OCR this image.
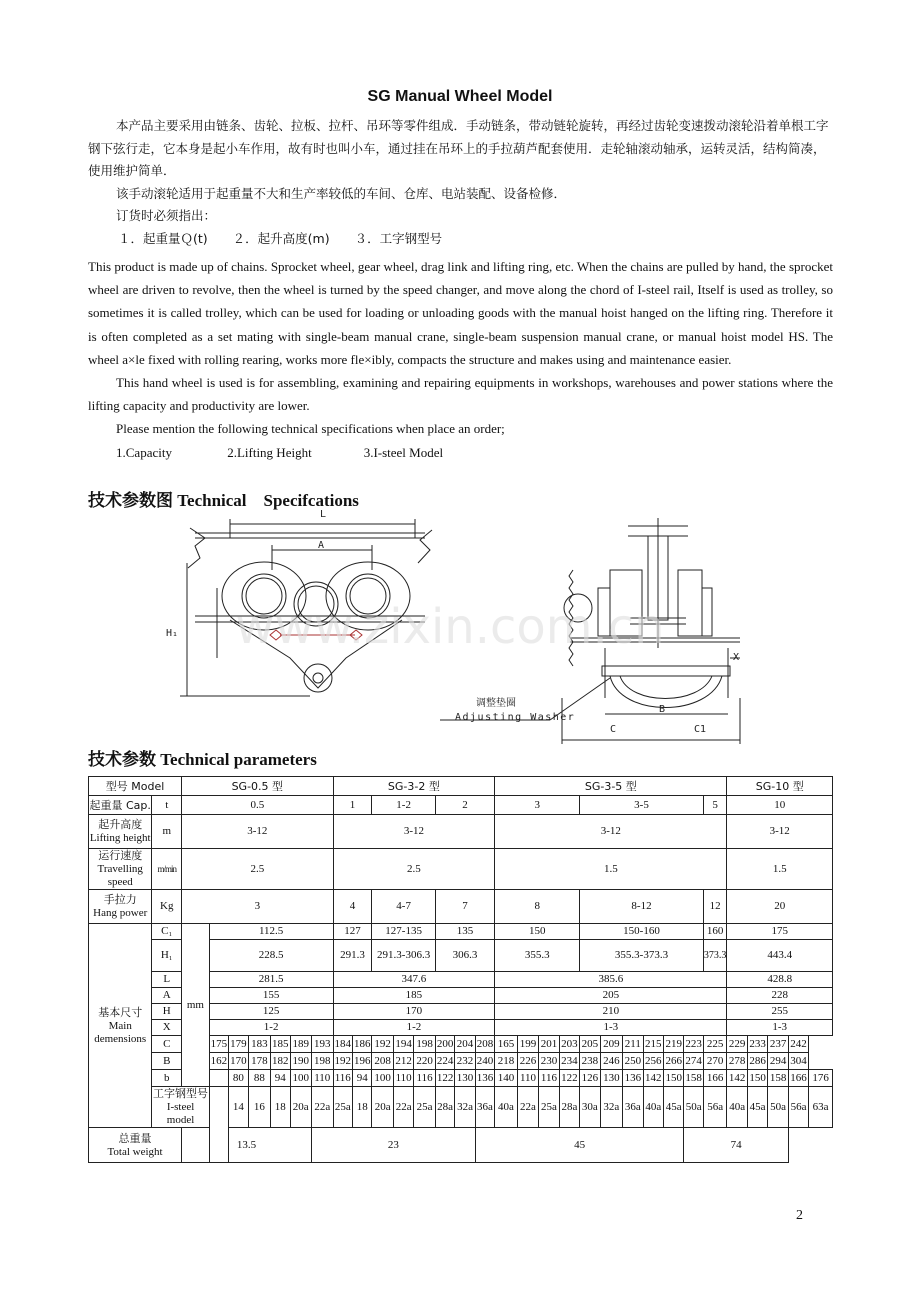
SG Manual Wheel Model

本产品主要采用由链条、齿轮、拉板、拉杆、吊环等零件组成．手动链条，带动链轮旋转，再经过齿轮变速拨动滚轮沿着单根工字钢下弦行走，它本身是起小车作用，故有时也叫小车，通过挂在吊环上的手拉葫芦配套使用．走轮轴滚动轴承，运转灵活，结构简凑，使用维护简单．

该手动滚轮适用于起重量不大和生产率较低的车间、仓库、电站装配、设备检修．

订货时必须指出：

１．起重量Ｑ(t)　　２．起升高度(m)　　３．工字钢型号

This product is made up of chains. Sprocket wheel, gear wheel, drag link and lifting ring, etc. When the chains are pulled by hand, the sprocket wheel are driven to revolve, then the wheel is turned by the speed changer, and move along the chord of I-steel rail, Itself is used as trolley, so sometimes it is called trolley, which can be used for loading or unloading goods with the manual hoist hanged on the lifting ring. Therefore it is often completed as a set mating with single-beam manual crane, single-beam suspension manual crane, or manual hoist model HS. The wheel a×le fixed with rolling rearing, works more fle×ibly, compacts the structure and makes using and maintenance easier.

This hand wheel is used is for assembling, examining and repairing equipments in workshops, warehouses and power stations where the lifting capacity and productivity are lower.

Please mention the following technical specifications when place an order;

1.Capacity　　　　 2.Lifting Height　　　　3.I-steel Model

技术参数图 Technical　Specifcations
L
A
H₁
B
C	C1
X
调整垫圈
Adjusting Washer
www.zixin.com.cn
技术参数 Technical parameters
型号 Model		SG-0.5 型							SG-3-2 型								SG-3-5 型											SG-10 型				
起重量 Cap.	t	0.5							1		1-2			2			3				3-5						5	10				
起升高度
Lifting height	m	3-12							3-12								3-12											3-12				
运行速度
Travelling speed	m/min	2.5							2.5								1.5											1.5				
手拉力
Hang power	Kg	3							4		4-7			7			8				8-12						12	20				
基本尺寸
Main demensions	C₁	mm	112.5						127		127-135			135			150				150-160						160	175				
	H₁		228.5						291.3		291.3-306.3			306.3			355.3				355.3-373.3						373.3	443.4				
	L		281.5						347.6								385.6											428.8				
	A		155						185								205											228				
	H		125						170								210											255				
	X		1-2						1-2								1-3											1-3				
	C		175	179	183	185	189	193	184	186	192	194	198	200	204	208	165	199	201	203	205	209	211	215	219	223	225	229	233	237	242	
	B		162	170	178	182	190	198	192	196	208	212	220	224	232	240	218	226	230	234	238	246	250	256	266	274	270	278	286	294	304	
	b			80	88	94	100	110	116	94	100	110	116	122	130	136	140	110	116	122	126	130	136	142	150	158	166	142	150	158	166	176
	工字钢型号
I-steel model			14	16	18	20a	22a	25a	18	20a	22a	25a	28a	32a	36a	40a	22a	25a	28a	30a	32a	36a	40a	45a	50a	56a	40a	45a	50a	56a	63a
总重量
Total weight		13.5						23								45										74						
2
